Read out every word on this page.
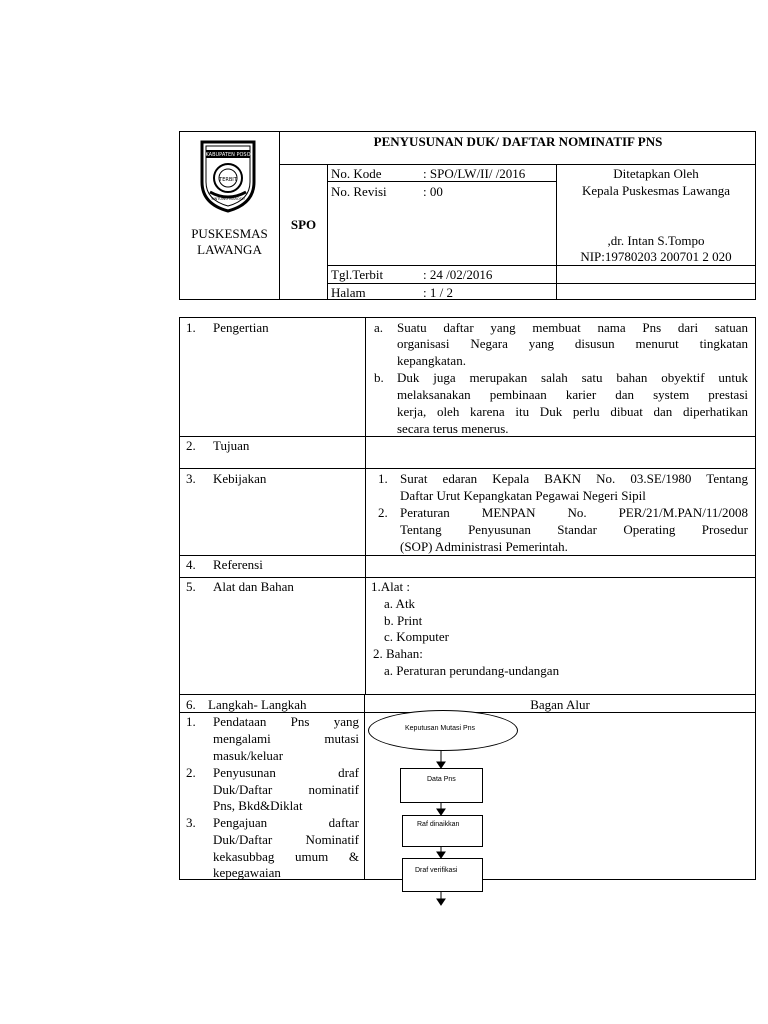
KABUPATEN POSO
TERBIT
SINTUWU MAROSO
PUSKESMAS
LAWANGA
SPO
PENYUSUNAN DUK/ DAFTAR NOMINATIF PNS
No. Kode	: SPO/LW/II/ /2016
No. Revisi	: 00
Tgl.Terbit	: 24 /02/2016
Halam	: 1 / 2
Ditetapkan Oleh
Kepala Puskesmas Lawanga
,dr. Intan S.Tompo
NIP:19780203 200701 2 020
1. Pengertian	a. Suatu daftar yang membuat nama Pns dari satuan
organisasi Negara yang disusun menurut tingkatan
kepangkatan.
b. Duk juga merupakan salah satu bahan obyektif untuk
melaksanakan pembinaan karier dan system prestasi
kerja, oleh karena itu Duk perlu dibuat dan diperhatikan
secara terus menerus.
2. Tujuan
3. Kebijakan	1. Surat edaran Kepala BAKN No. 03.SE/1980 Tentang
Daftar Urut Kepangkatan Pegawai Negeri Sipil
2. Peraturan MENPAN No. PER/21/M.PAN/11/2008
Tentang Penyusunan Standar Operating Prosedur
(SOP) Administrasi Pemerintah.
4. Referensi
5. Alat dan Bahan	1.Alat :
a. Atk
b. Print
c. Komputer
2. Bahan:
a. Peraturan perundang-undangan
6. Langkah- Langkah	Bagan Alur
1. Pendataan Pns yang
mengalami mutasi
masuk/keluar
2. Penyusunan draf
Duk/Daftar nominatif
Pns, Bkd&Diklat
3. Pengajuan daftar
Duk/Daftar Nominatif
kekasubbag umum &
kepegawaian
Keputusan Mutasi Pns
Data Pns
Raf dinaikkan
Draf verifikasi
